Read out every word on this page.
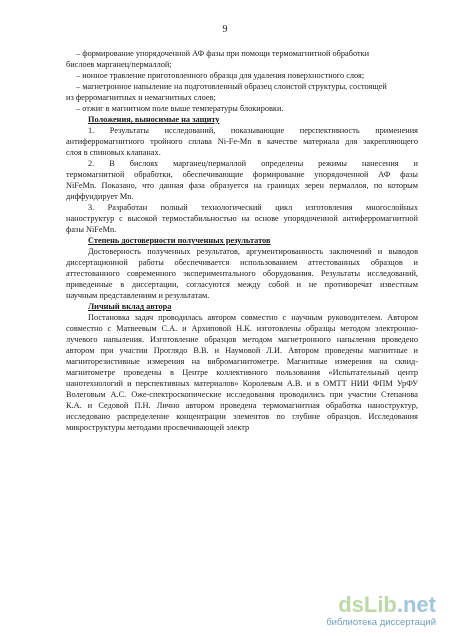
9
– формирование упорядоченной АФ фазы при помощи термомагнитной обработки
бислоев марганец/пермаллой;
– ионное травление приготовленного образца для удаления поверхностного слоя;
– магнетронное напыление на подготовленный образец слоистой структуры, состоящей
из ферромагнитных и немагнитных слоев;
– отжиг в магнитном поле выше температуры блокировки.
Положения, выносимые на защиту
1. Результаты исследований, показывающие перспективность применения
антиферромагнитного тройного сплава Ni-Fe-Mn в качестве материала для закрепляющего
слоя в спиновых клапанах.
2. В бислоях марганец/пермаллой определены режимы нанесения и
термомагнитной обработки, обеспечивающие формирование упорядоченной АФ фазы
NiFeMn. Показано, что данная фаза образуется на границах зерен пермаллоя, по которым
диффундирует Mn.
3. Разработан полный технологический цикл изготовления многослойных
наноструктур с высокой термостабильностью на основе упорядоченной антиферромагнитной
фазы NiFeMn.
Степень достоверности полученных результатов
Достоверность полученных результатов, аргументированность заключений и выводов
диссертационной работы обеспечивается использованием аттестованных образцов и
аттестованного современного экспериментального оборудования. Результаты исследований,
приведенные в диссертации, согласуются между собой и не противоречат известным
научным представлениям и результатам.
Личный вклад автора
Постановка задач проводилась автором совместно с научным руководителем. Автором
совместно с Матвеевым С.А. и Архиповой Н.К. изготовлены образцы методом электронно-
лучевого напыления. Изготовление образцов методом магнетронного напыления проведено
автором при участии Проглядо В.В. и Наумовой Л.И. Автором проведены магнитные и
магниторезистивные измерения на вибромагнитометре. Магнитные измерения на сквид-
магнитометре проведены в Центре коллективного пользования «Испытательный центр
нанотехнологий и перспективных материалов» Королевым А.В. и в ОМТТ НИИ ФПМ УрФУ
Волеговым А.С. Оже-спектроскопические исследования проводились при участии Степанова
К.А. и Седовой П.Н. Лично автором проведена термомагнитная обработка наноструктур,
исследовано распределение концентрации элементов по глубине образцов. Исследования
микроструктуры методами просвечивающей электр
dsLib.net
библиотека диссертаций
